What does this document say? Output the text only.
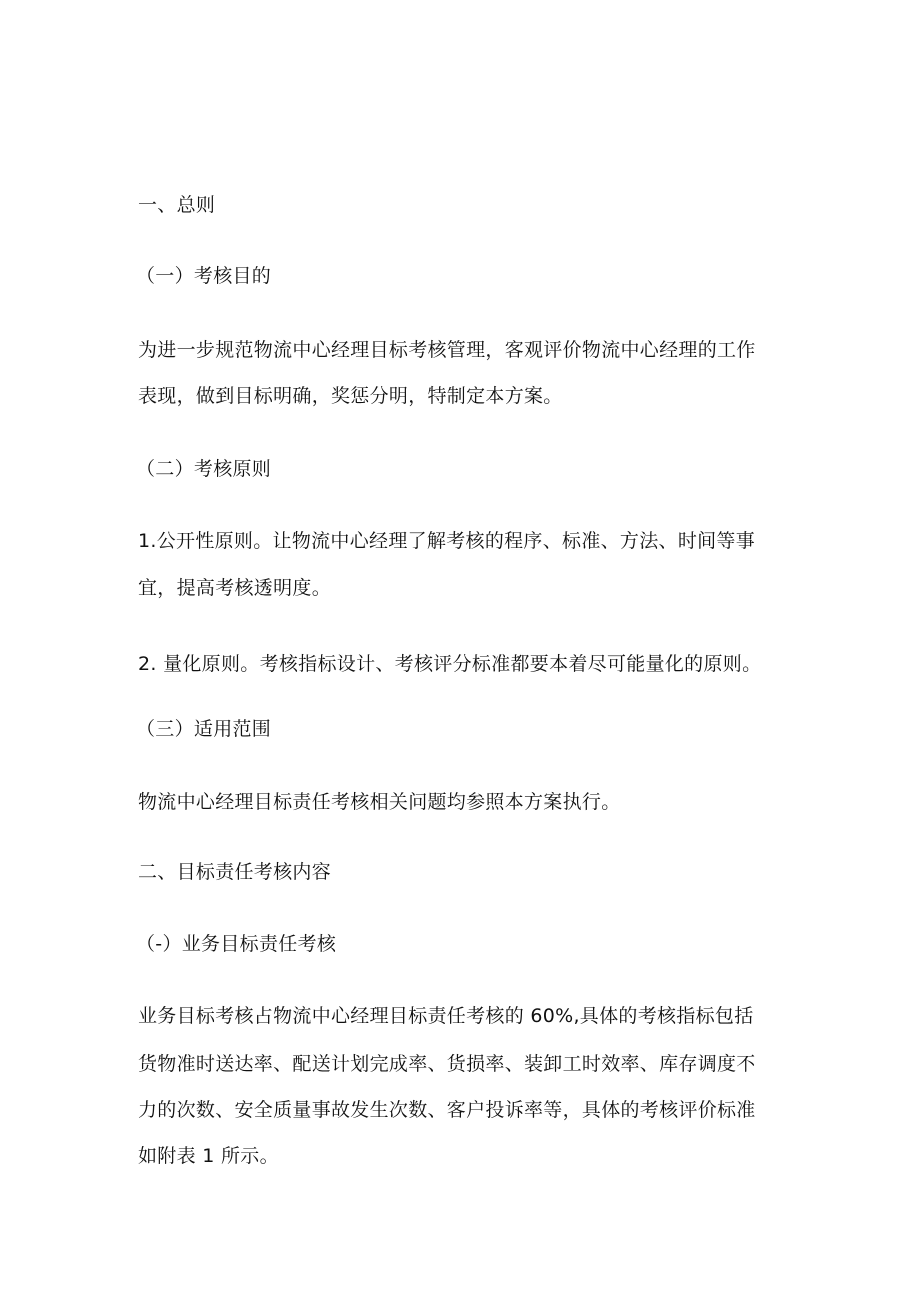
一、总则
（一）考核目的
为进一步规范物流中心经理目标考核管理，客观评价物流中心经理的工作
表现，做到目标明确，奖惩分明，特制定本方案。
（二）考核原则
1.公开性原则。让物流中心经理了解考核的程序、标准、方法、时间等事
宜，提高考核透明度。
2. 量化原则。考核指标设计、考核评分标准都要本着尽可能量化的原则。
（三）适用范围
物流中心经理目标责任考核相关问题均参照本方案执行。
二、目标责任考核内容
（-）业务目标责任考核
业务目标考核占物流中心经理目标责任考核的 60%,具体的考核指标包括
货物准时送达率、配送计划完成率、货损率、装卸工时效率、库存调度不
力的次数、安全质量事故发生次数、客户投诉率等，具体的考核评价标准
如附表 1 所示。
